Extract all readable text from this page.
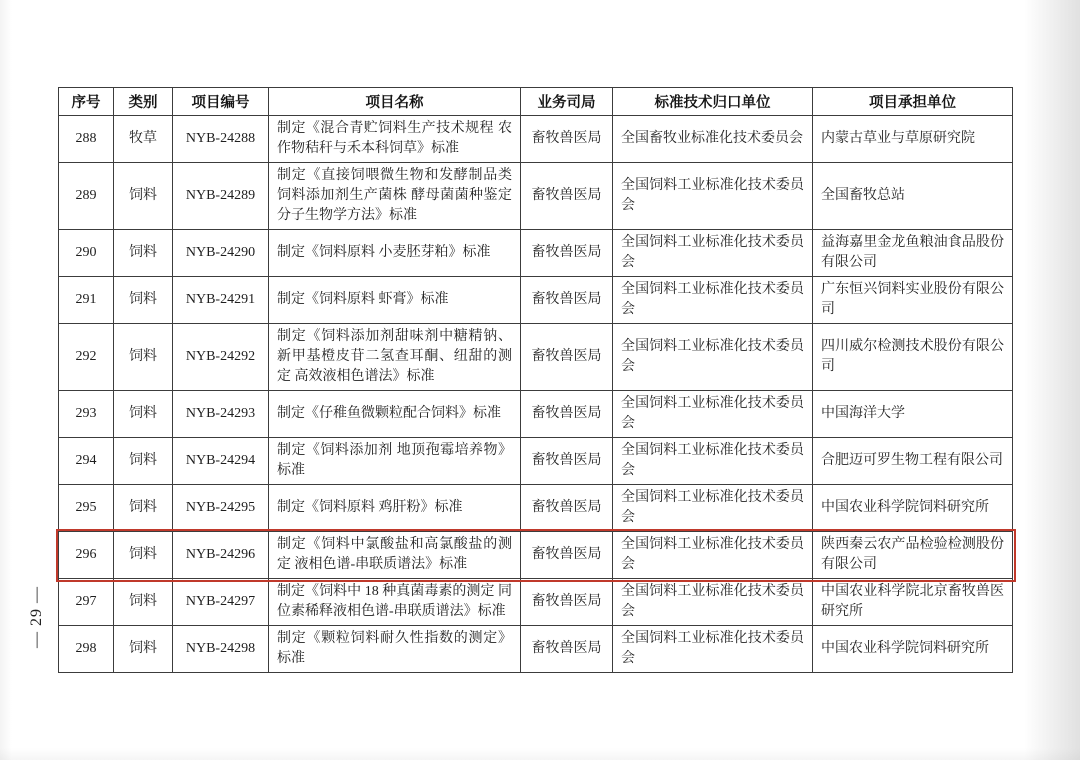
— 29 —
序号	类别	项目编号	项目名称	业务司局	标准技术归口单位	项目承担单位
288	牧草	NYB-24288	制定《混合青贮饲料生产技术规程 农作物秸秆与禾本科饲草》标准	畜牧兽医局	全国畜牧业标准化技术委员会	内蒙古草业与草原研究院
289	饲料	NYB-24289	制定《直接饲喂微生物和发酵制品类饲料添加剂生产菌株 酵母菌菌种鉴定 分子生物学方法》标准	畜牧兽医局	全国饲料工业标准化技术委员会	全国畜牧总站
290	饲料	NYB-24290	制定《饲料原料 小麦胚芽粕》标准	畜牧兽医局	全国饲料工业标准化技术委员会	益海嘉里金龙鱼粮油食品股份有限公司
291	饲料	NYB-24291	制定《饲料原料 虾膏》标准	畜牧兽医局	全国饲料工业标准化技术委员会	广东恒兴饲料实业股份有限公司
292	饲料	NYB-24292	制定《饲料添加剂甜味剂中糖精钠、新甲基橙皮苷二氢查耳酮、纽甜的测定 高效液相色谱法》标准	畜牧兽医局	全国饲料工业标准化技术委员会	四川威尔检测技术股份有限公司
293	饲料	NYB-24293	制定《仔稚鱼微颗粒配合饲料》标准	畜牧兽医局	全国饲料工业标准化技术委员会	中国海洋大学
294	饲料	NYB-24294	制定《饲料添加剂 地顶孢霉培养物》标准	畜牧兽医局	全国饲料工业标准化技术委员会	合肥迈可罗生物工程有限公司
295	饲料	NYB-24295	制定《饲料原料 鸡肝粉》标准	畜牧兽医局	全国饲料工业标准化技术委员会	中国农业科学院饲料研究所
296	饲料	NYB-24296	制定《饲料中氯酸盐和高氯酸盐的测定 液相色谱-串联质谱法》标准	畜牧兽医局	全国饲料工业标准化技术委员会	陕西秦云农产品检验检测股份有限公司
297	饲料	NYB-24297	制定《饲料中 18 种真菌毒素的测定 同位素稀释液相色谱-串联质谱法》标准	畜牧兽医局	全国饲料工业标准化技术委员会	中国农业科学院北京畜牧兽医研究所
298	饲料	NYB-24298	制定《颗粒饲料耐久性指数的测定》标准	畜牧兽医局	全国饲料工业标准化技术委员会	中国农业科学院饲料研究所
